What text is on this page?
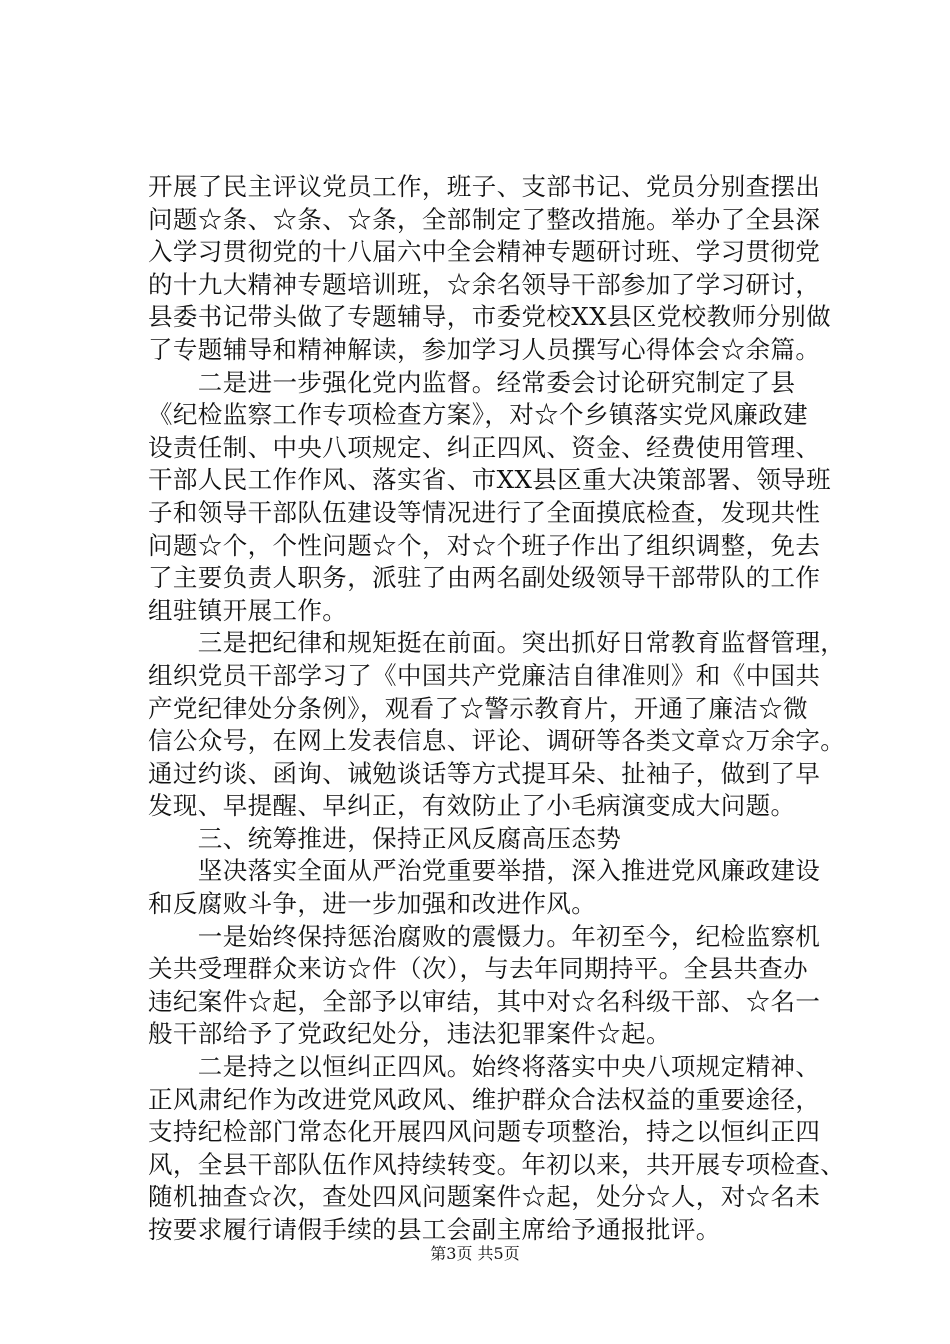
开展了民主评议党员工作，班子、支部书记、党员分别查摆出
问题☆条、☆条、☆条，全部制定了整改措施。举办了全县深
入学习贯彻党的十八届六中全会精神专题研讨班、学习贯彻党
的十九大精神专题培训班，☆余名领导干部参加了学习研讨，
县委书记带头做了专题辅导，市委党校XX县区党校教师分别做
了专题辅导和精神解读，参加学习人员撰写心得体会☆余篇。
　　二是进一步强化党内监督。经常委会讨论研究制定了县
《纪检监察工作专项检查方案》，对☆个乡镇落实党风廉政建
设责任制、中央八项规定、纠正四风、资金、经费使用管理、
干部人民工作作风、落实省、市XX县区重大决策部署、领导班
子和领导干部队伍建设等情况进行了全面摸底检查，发现共性
问题☆个，个性问题☆个，对☆个班子作出了组织调整，免去
了主要负责人职务，派驻了由两名副处级领导干部带队的工作
组驻镇开展工作。
　　三是把纪律和规矩挺在前面。突出抓好日常教育监督管理，
组织党员干部学习了《中国共产党廉洁自律准则》和《中国共
产党纪律处分条例》，观看了☆警示教育片，开通了廉洁☆微
信公众号，在网上发表信息、评论、调研等各类文章☆万余字。
通过约谈、函询、诫勉谈话等方式提耳朵、扯袖子，做到了早
发现、早提醒、早纠正，有效防止了小毛病演变成大问题。
　　三、统筹推进，保持正风反腐高压态势
　　坚决落实全面从严治党重要举措，深入推进党风廉政建设
和反腐败斗争，进一步加强和改进作风。
　　一是始终保持惩治腐败的震慑力。年初至今，纪检监察机
关共受理群众来访☆件（次），与去年同期持平。全县共查办
违纪案件☆起，全部予以审结，其中对☆名科级干部、☆名一
般干部给予了党政纪处分，违法犯罪案件☆起。
　　二是持之以恒纠正四风。始终将落实中央八项规定精神、
正风肃纪作为改进党风政风、维护群众合法权益的重要途径，
支持纪检部门常态化开展四风问题专项整治，持之以恒纠正四
风，全县干部队伍作风持续转变。年初以来，共开展专项检查、
随机抽查☆次，查处四风问题案件☆起，处分☆人，对☆名未
按要求履行请假手续的县工会副主席给予通报批评。
第3页 共5页
